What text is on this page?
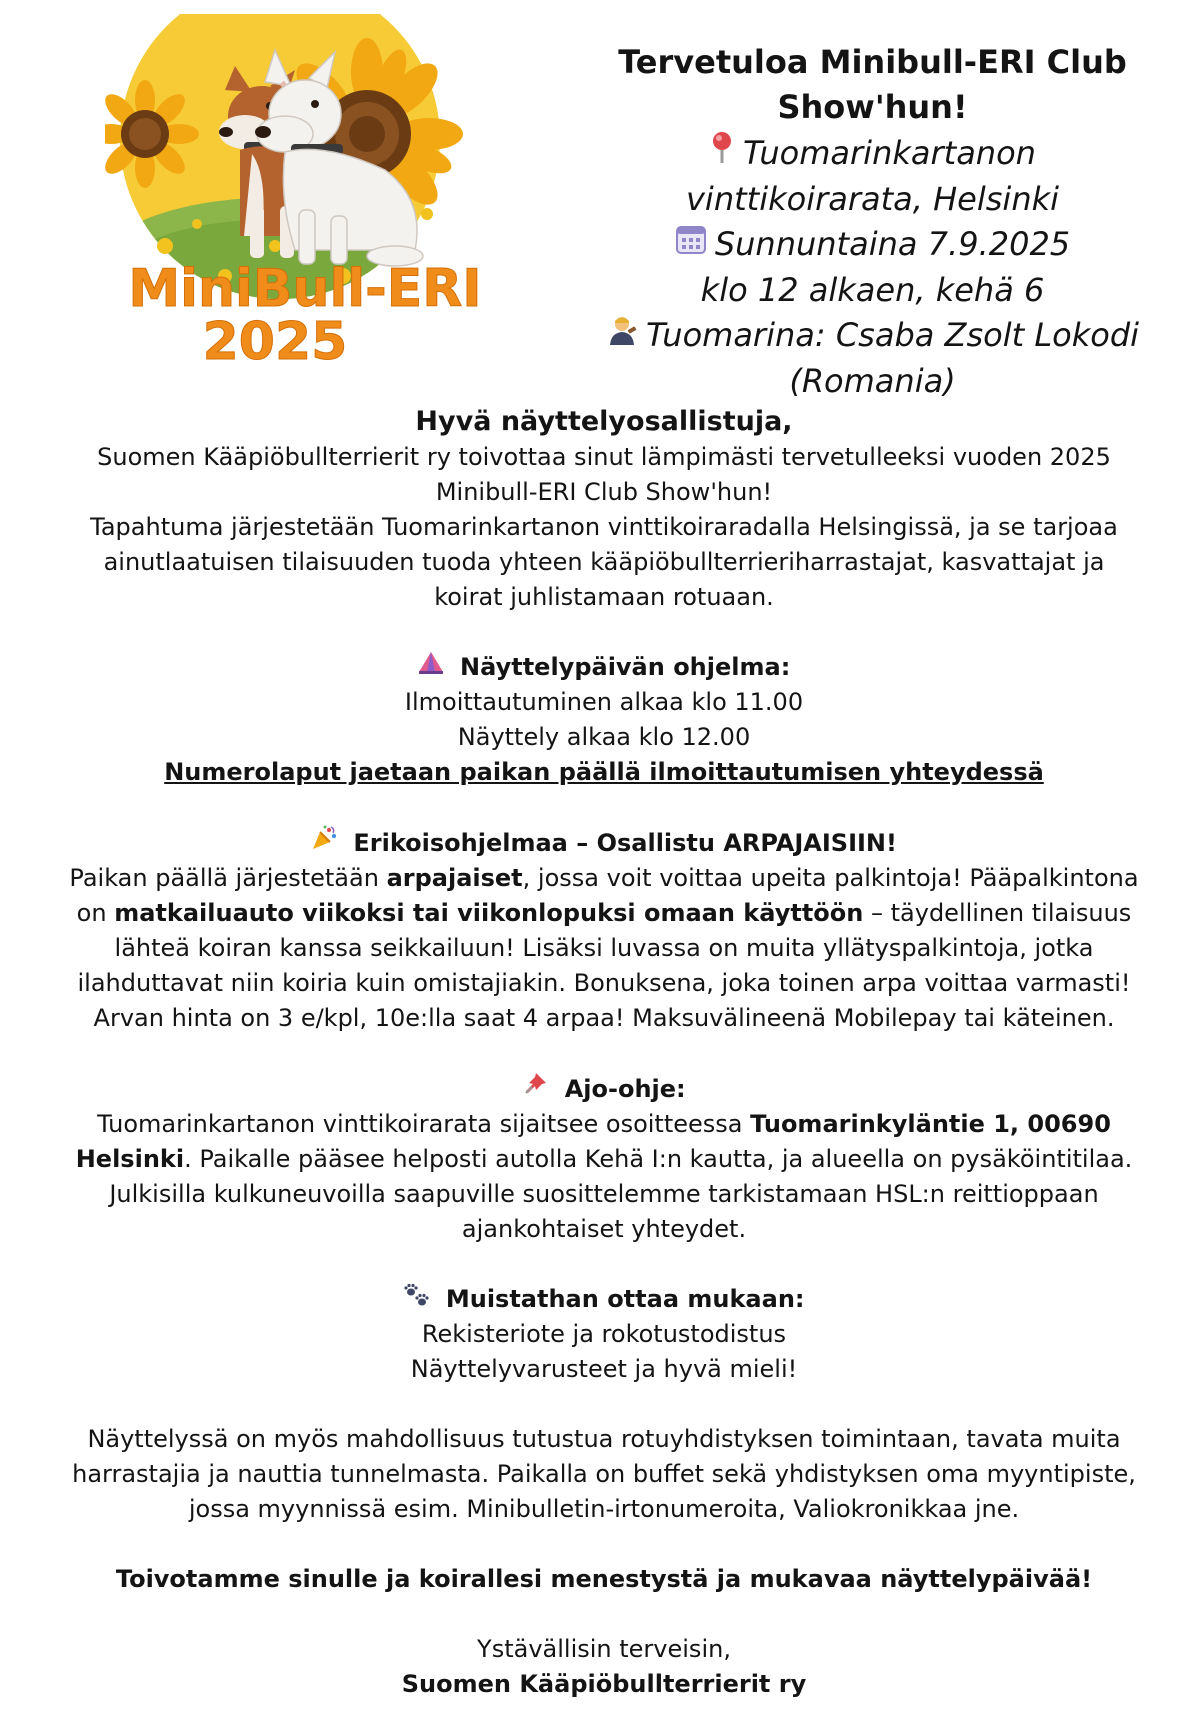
MiniBull-ERI
2025
Tervetuloa Minibull-ERI Club
Show'hun!
Tuomarinkartanon
vinttikoirarata, Helsinki
Sunnuntaina 7.9.2025
klo 12 alkaen, kehä 6
Tuomarina: Csaba Zsolt Lokodi
(Romania)

Hyvä näyttelyosallistuja,

Suomen Kääpiöbullterrierit ry toivottaa sinut lämpimästi tervetulleeksi vuoden 2025
Minibull-ERI Club Show'hun!
Tapahtuma järjestetään Tuomarinkartanon vinttikoiraradalla Helsingissä, ja se tarjoaa
ainutlaatuisen tilaisuuden tuoda yhteen kääpiöbullterrieriharrastajat, kasvattajat ja
koirat juhlistamaan rotuaan.

Näyttelypäivän ohjelma:

Ilmoittautuminen alkaa klo 11.00

Näyttely alkaa klo 12.00

Numerolaput jaetaan paikan päällä ilmoittautumisen yhteydessä

Erikoisohjelmaa – Osallistu ARPAJAISIIN!

Paikan päällä järjestetään arpajaiset, jossa voit voittaa upeita palkintoja! Pääpalkintona
on matkailuauto viikoksi tai viikonlopuksi omaan käyttöön – täydellinen tilaisuus
lähteä koiran kanssa seikkailuun! Lisäksi luvassa on muita yllätyspalkintoja, jotka
ilahduttavat niin koiria kuin omistajiakin. Bonuksena, joka toinen arpa voittaa varmasti!
Arvan hinta on 3 e/kpl, 10e:lla saat 4 arpaa! Maksuvälineenä Mobilepay tai käteinen.

Ajo-ohje:

Tuomarinkartanon vinttikoirarata sijaitsee osoitteessa Tuomarinkyläntie 1, 00690
Helsinki. Paikalle pääsee helposti autolla Kehä I:n kautta, ja alueella on pysäköintitilaa.
Julkisilla kulkuneuvoilla saapuville suosittelemme tarkistamaan HSL:n reittioppaan
ajankohtaiset yhteydet.

Muistathan ottaa mukaan:

Rekisteriote ja rokotustodistus

Näyttelyvarusteet ja hyvä mieli!

Näyttelyssä on myös mahdollisuus tutustua rotuyhdistyksen toimintaan, tavata muita
harrastajia ja nauttia tunnelmasta. Paikalla on buffet sekä yhdistyksen oma myyntipiste,
jossa myynnissä esim. Minibulletin-irtonumeroita, Valiokronikkaa jne.

Toivotamme sinulle ja koirallesi menestystä ja mukavaa näyttelypäivää!

Ystävällisin terveisin,

Suomen Kääpiöbullterrierit ry
